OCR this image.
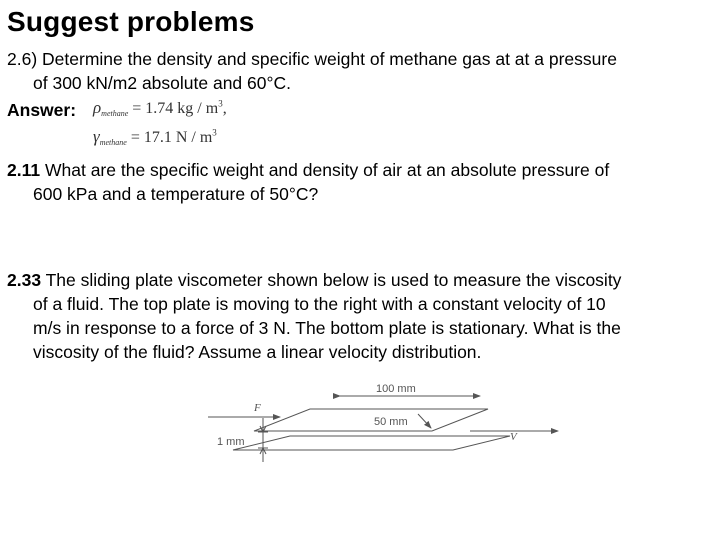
Suggest problems
2.6) Determine the density and specific weight of methane gas at at a pressure
of 300 kN/m2 absolute and 60°C.
Answer: $\rho_{methane} = 1.74$ kg / $m^3$,
$\gamma_{methane} = 17.1$ N / $m^3$
2.11 What are the specific weight and density of air at an absolute pressure of
600 kPa and a temperature of 50°C?
2.33 The sliding plate viscometer shown below is used to measure the viscosity
of a fluid. The top plate is moving to the right with a constant velocity of 10
m/s in response to a force of 3 N. The bottom plate is stationary. What is the
viscosity of the fluid? Assume a linear velocity distribution.
100 mm
50 mm
F
V
1 mm
